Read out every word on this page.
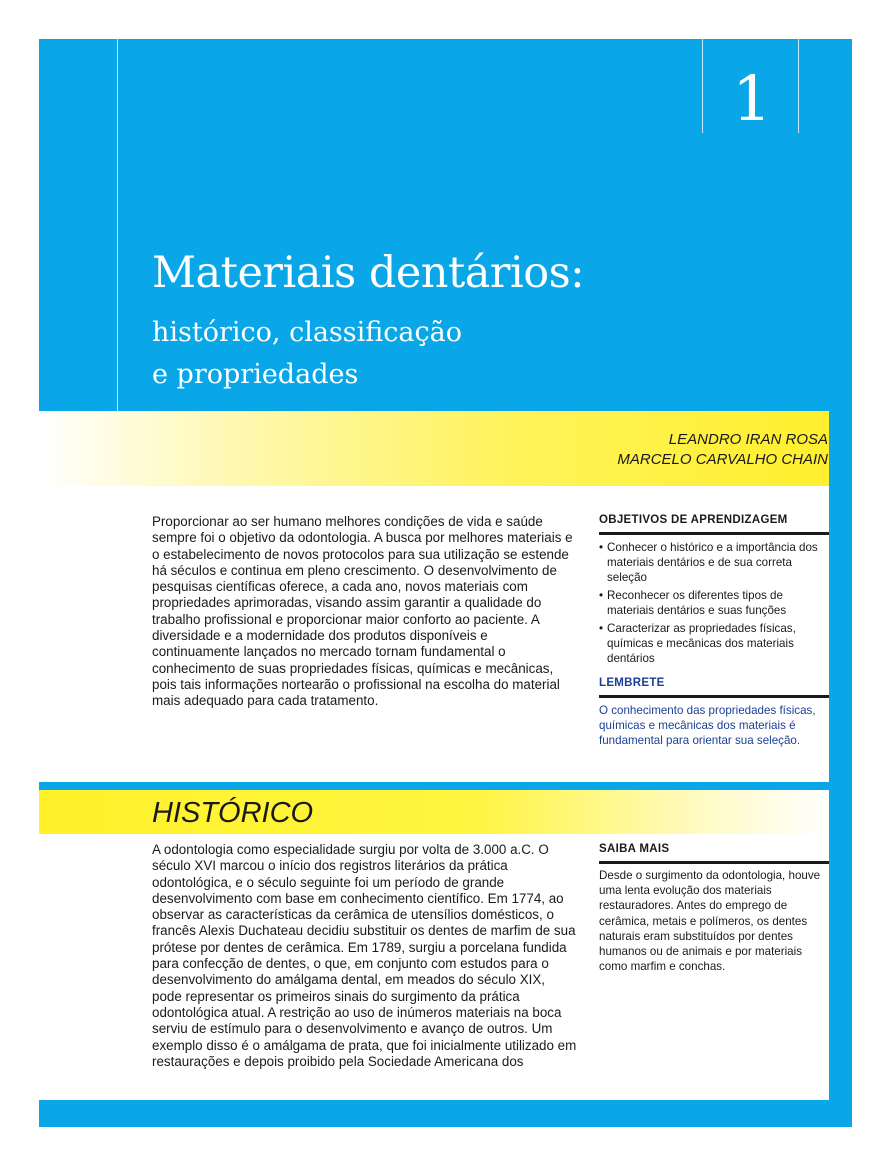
1
Materiais dentários:
histórico, classificação
e propriedades
LEANDRO IRAN ROSA
MARCELO CARVALHO CHAIN

Proporcionar ao ser humano melhores condições de vida e saúde sempre foi o objetivo da odontologia. A busca por melhores materiais e o estabelecimento de novos protocolos para sua utilização se estende há séculos e continua em pleno crescimento. O desenvolvimento de pesquisas científicas oferece, a cada ano, novos materiais com propriedades aprimoradas, visando assim garantir a qualidade do trabalho profissional e proporcionar maior conforto ao paciente. A diversidade e a modernidade dos produtos disponíveis e continuamente lançados no mercado tornam fundamental o conhecimento de suas propriedades físicas, químicas e mecânicas, pois tais informações nortearão o profissional na escolha do material mais adequado para cada tratamento.

OBJETIVOS DE APRENDIZAGEM
• Conhecer o histórico e a importância dos materiais dentários e de sua correta seleção
• Reconhecer os diferentes tipos de materiais dentários e suas funções
• Caracterizar as propriedades físicas, químicas e mecânicas dos materiais dentários
LEMBRETE

O conhecimento das propriedades físicas, químicas e mecânicas dos materiais é fundamental para orientar sua seleção.

HISTÓRICO

A odontologia como especialidade surgiu por volta de 3.000 a.C. O século XVI marcou o início dos registros literários da prática odontológica, e o século seguinte foi um período de grande desenvolvimento com base em conhecimento científico. Em 1774, ao observar as características da cerâmica de utensílios domésticos, o francês Alexis Duchateau decidiu substituir os dentes de marfim de sua prótese por dentes de cerâmica. Em 1789, surgiu a porcelana fundida para confecção de dentes, o que, em conjunto com estudos para o desenvolvimento do amálgama dental, em meados do século XIX, pode representar os primeiros sinais do surgimento da prática odontológica atual. A restrição ao uso de inúmeros materiais na boca serviu de estímulo para o desenvolvimento e avanço de outros. Um exemplo disso é o amálgama de prata, que foi inicialmente utilizado em restaurações e depois proibido pela Sociedade Americana dos

SAIBA MAIS

Desde o surgimento da odontologia, houve uma lenta evolução dos materiais restauradores. Antes do emprego de cerâmica, metais e polímeros, os dentes naturais eram substituídos por dentes humanos ou de animais e por materiais como marfim e conchas.
